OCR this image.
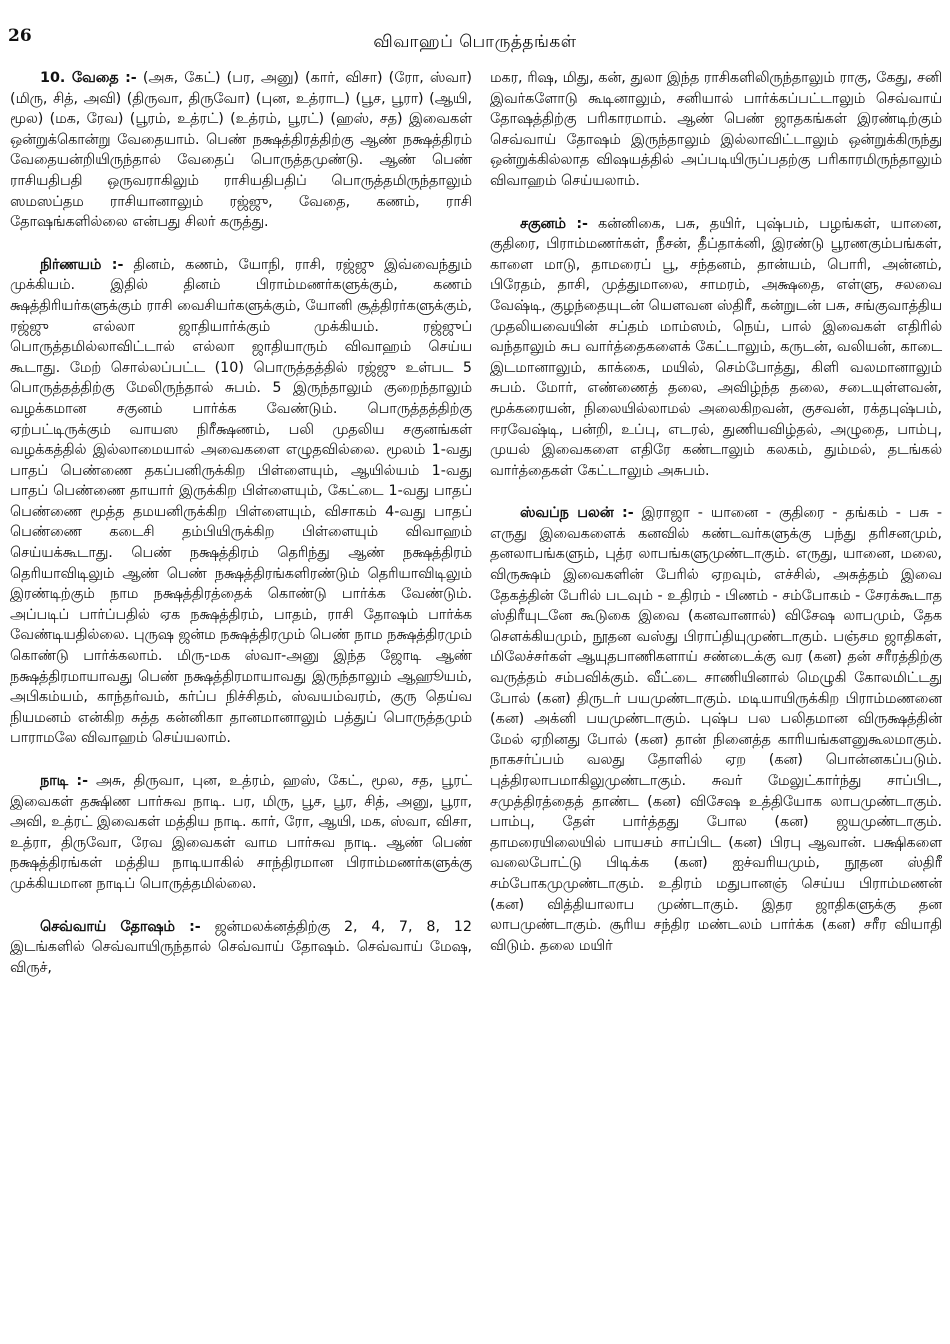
26	விவாஹப் பொருத்தங்கள்

10. வேதை :- (அசு, கேட்) (பர, அனு) (கார், விசா) (ரோ, ஸ்வா) (மிரு, சித், அவி) (திருவா, திருவோ) (புன, உத்ராட) (பூச, பூரா) (ஆயி, மூல) (மக, ரேவ) (பூரம், உத்ரட்) (உத்ரம், பூரட்) (ஹஸ், சத) இவைகள் ஒன்றுக்கொன்று வேதையாம். பெண் நக்ஷத்திரத்திற்கு ஆண் நக்ஷத்திரம் வேதையன்றியிருந்தால் வேதைப் பொருத்தமுண்டு. ஆண் பெண் ராசியதிபதி ஒருவராகிலும் ராசியதிபதிப் பொருத்தமிருந்தாலும் ஸமஸப்தம ராசியானாலும் ரஜ்ஜு, வேதை, கணம், ராசி தோஷங்களில்லை என்பது சிலர் கருத்து.

நிர்ணயம் :- தினம், கணம், யோநி, ராசி, ரஜ்ஜு இவ்வைந்தும் முக்கியம். இதில் தினம் பிராம்மணர்களுக்கும், கணம் க்ஷத்திரியர்களுக்கும் ராசி வைசியர்களுக்கும், யோனி சூத்திரர்களுக்கும், ரஜ்ஜு எல்லா ஜாதியார்க்கும் முக்கியம். ரஜ்ஜுப் பொருத்தமில்லாவிட்டால் எல்லா ஜாதியாரும் விவாஹம் செய்ய கூடாது. மேற் சொல்லப்பட்ட (10) பொருத்தத்தில் ரஜ்ஜு உள்பட 5 பொருத்தத்திற்கு மேலிருந்தால் சுபம். 5 இருந்தாலும் குறைந்தாலும் வழக்கமான சகுனம் பார்க்க வேண்டும். பொருத்தத்திற்கு ஏற்பட்டிருக்கும் வாயஸ நிரீக்ஷணம், பலி முதலிய சகுனங்கள் வழக்கத்தில் இல்லாமையால் அவைகளை எழுதவில்லை. மூலம் 1-வது பாதப் பெண்ணை தகப்பனிருக்கிற பிள்ளையும், ஆயில்யம் 1-வது பாதப் பெண்ணை தாயார் இருக்கிற பிள்ளையும், கேட்டை 1-வது பாதப் பெண்ணை மூத்த தமயனிருக்கிற பிள்ளையும், விசாகம் 4-வது பாதப் பெண்ணை கடைசி தம்பியிருக்கிற பிள்ளையும் விவாஹம் செய்யக்கூடாது. பெண் நக்ஷத்திரம் தெரிந்து ஆண் நக்ஷத்திரம் தெரியாவிடிலும் ஆண் பெண் நக்ஷத்திரங்களிரண்டும் தெரியாவிடிலும் இரண்டிற்கும் நாம நக்ஷத்திரத்தைக் கொண்டு பார்க்க வேண்டும். அப்படிப் பார்ப்பதில் ஏக நக்ஷத்திரம், பாதம், ராசி தோஷம் பார்க்க வேண்டியதில்லை. புருஷ ஜன்ம நக்ஷத்திரமும் பெண் நாம நக்ஷத்திரமும் கொண்டு பார்க்கலாம். மிரு-மக ஸ்வா-அனு இந்த ஜோடி ஆண் நக்ஷத்திரமாயாவது பெண் நக்ஷத்திரமாயாவது இருந்தாலும் ஆஹூயம், அபிகம்யம், காந்தர்வம், கர்ப்ப நிச்சிதம், ஸ்வயம்வரம், குரு தெய்வ நியமனம் என்கிற சுத்த கன்னிகா தானமானாலும் பத்துப் பொருத்தமும் பாராமலே விவாஹம் செய்யலாம்.

நாடி :- அசு, திருவா, புன, உத்ரம், ஹஸ், கேட், மூல, சத, பூரட் இவைகள் தக்ஷிண பார்சுவ நாடி. பர, மிரு, பூச, பூர, சித், அனு, பூரா, அவி, உத்ரட் இவைகள் மத்திய நாடி. கார், ரோ, ஆயி, மக, ஸ்வா, விசா, உத்ரா, திருவோ, ரேவ இவைகள் வாம பார்சுவ நாடி. ஆண் பெண் நக்ஷத்திரங்கள் மத்திய நாடியாகில் சாந்திரமான பிராம்மணர்களுக்கு முக்கியமான நாடிப் பொருத்தமில்லை.

செவ்வாய் தோஷம் :- ஜன்மலக்னத்திற்கு 2, 4, 7, 8, 12 இடங்களில் செவ்வாயிருந்தால் செவ்வாய் தோஷம். செவ்வாய் மேஷ, விருச்,

மகர, ரிஷ, மிது, கன், துலா இந்த ராசிகளிலிருந்தாலும் ராகு, கேது, சனி இவர்களோடு கூடினாலும், சனியால் பார்க்கப்பட்டாலும் செவ்வாய் தோஷத்திற்கு பரிகாரமாம். ஆண் பெண் ஜாதகங்கள் இரண்டிற்கும் செவ்வாய் தோஷம் இருந்தாலும் இல்லாவிட்டாலும் ஒன்றுக்கிருந்து ஒன்றுக்கில்லாத விஷயத்தில் அப்படியிருப்பதற்கு பரிகாரமிருந்தாலும் விவாஹம் செய்யலாம்.

சகுனம் :- கன்னிகை, பசு, தயிர், புஷ்பம், பழங்கள், யானை, குதிரை, பிராம்மணர்கள், நீசன், தீப்தாக்னி, இரண்டு பூரணகும்பங்கள், காளை மாடு, தாமரைப் பூ, சந்தனம், தான்யம், பொரி, அன்னம், பிரேதம், தாசி, முத்துமாலை, சாமரம், அக்ஷதை, எள்ளு, சலவை வேஷ்டி, குழந்தையுடன் யௌவன ஸ்திரீ, கன்றுடன் பசு, சங்குவாத்திய முதலியவையின் சப்தம் மாம்ஸம், நெய், பால் இவைகள் எதிரில் வந்தாலும் சுப வார்த்தைகளைக் கேட்டாலும், கருடன், வலியன், காடை இடமானாலும், காக்கை, மயில், செம்போத்து, கிளி வலமானாலும் சுபம். மோர், எண்ணைத் தலை, அவிழ்ந்த தலை, சடையுள்ளவன், மூக்கரையன், நிலையில்லாமல் அலைகிறவன், குசவன், ரக்தபுஷ்பம், ஈரவேஷ்டி, பன்றி, உப்பு, எடரல், துணியவிழ்தல், அழுதை, பாம்பு, முயல் இவைகளை எதிரே கண்டாலும் கலகம், தும்மல், தடங்கல் வார்த்தைகள் கேட்டாலும் அசுபம்.

ஸ்வப்ந பலன் :- இராஜா - யானை - குதிரை - தங்கம் - பசு - எருது இவைகளைக் கனவில் கண்டவர்களுக்கு பந்து தரிசனமும், தனலாபங்களும், புத்ர லாபங்களுமுண்டாகும். எருது, யானை, மலை, விருக்ஷம் இவைகளின் பேரில் ஏறவும், எச்சில், அசுத்தம் இவை தேகத்தின் பேரில் படவும் - உதிரம் - பிணம் - சம்போகம் - சேரக்கூடாத ஸ்திரீயுடனே கூடுகை இவை (கனவானால்) விசேஷ லாபமும், தேக சௌக்கியமும், நூதன வஸ்து பிராப்தியுமுண்டாகும். பஞ்சம ஜாதிகள், மிலேச்சர்கள் ஆயுதபாணிகளாய் சண்டைக்கு வர (கன) தன் சரீரத்திற்கு வருத்தம் சம்பவிக்கும். வீட்டை சாணியினால் மெழுகி கோலமிட்டது போல் (கன) திருடர் பயமுண்டாகும். மடியாயிருக்கிற பிராம்மணனை (கன) அக்னி பயமுண்டாகும். புஷ்ப பல பலிதமான விருக்ஷத்தின் மேல் ஏறினது போல் (கன) தான் நினைத்த காரியங்களனுகூலமாகும். நாகசர்ப்பம் வலது தோளில் ஏற (கன) பொன்னகப்படும். புத்திரலாபமாகிலுமுண்டாகும். சுவர் மேலுட்கார்ந்து சாப்பிட, சமுத்திரத்தைத் தாண்ட (கன) விசேஷ உத்தியோக லாபமுண்டாகும். பாம்பு, தேள் பார்த்தது போல (கன) ஜயமுண்டாகும். தாமரையிலையில் பாயசம் சாப்பிட (கன) பிரபு ஆவான். பக்ஷிகளை வலைபோட்டு பிடிக்க (கன) ஐச்வரியமும், நூதன ஸ்திரீ சம்போகமுமுண்டாகும். உதிரம் மதுபானஞ் செய்ய பிராம்மணன் (கன) வித்தியாலாப முண்டாகும். இதர ஜாதிகளுக்கு தன லாபமுண்டாகும். சூரிய சந்திர மண்டலம் பார்க்க (கன) சரீர வியாதி விடும். தலை மயிர்
